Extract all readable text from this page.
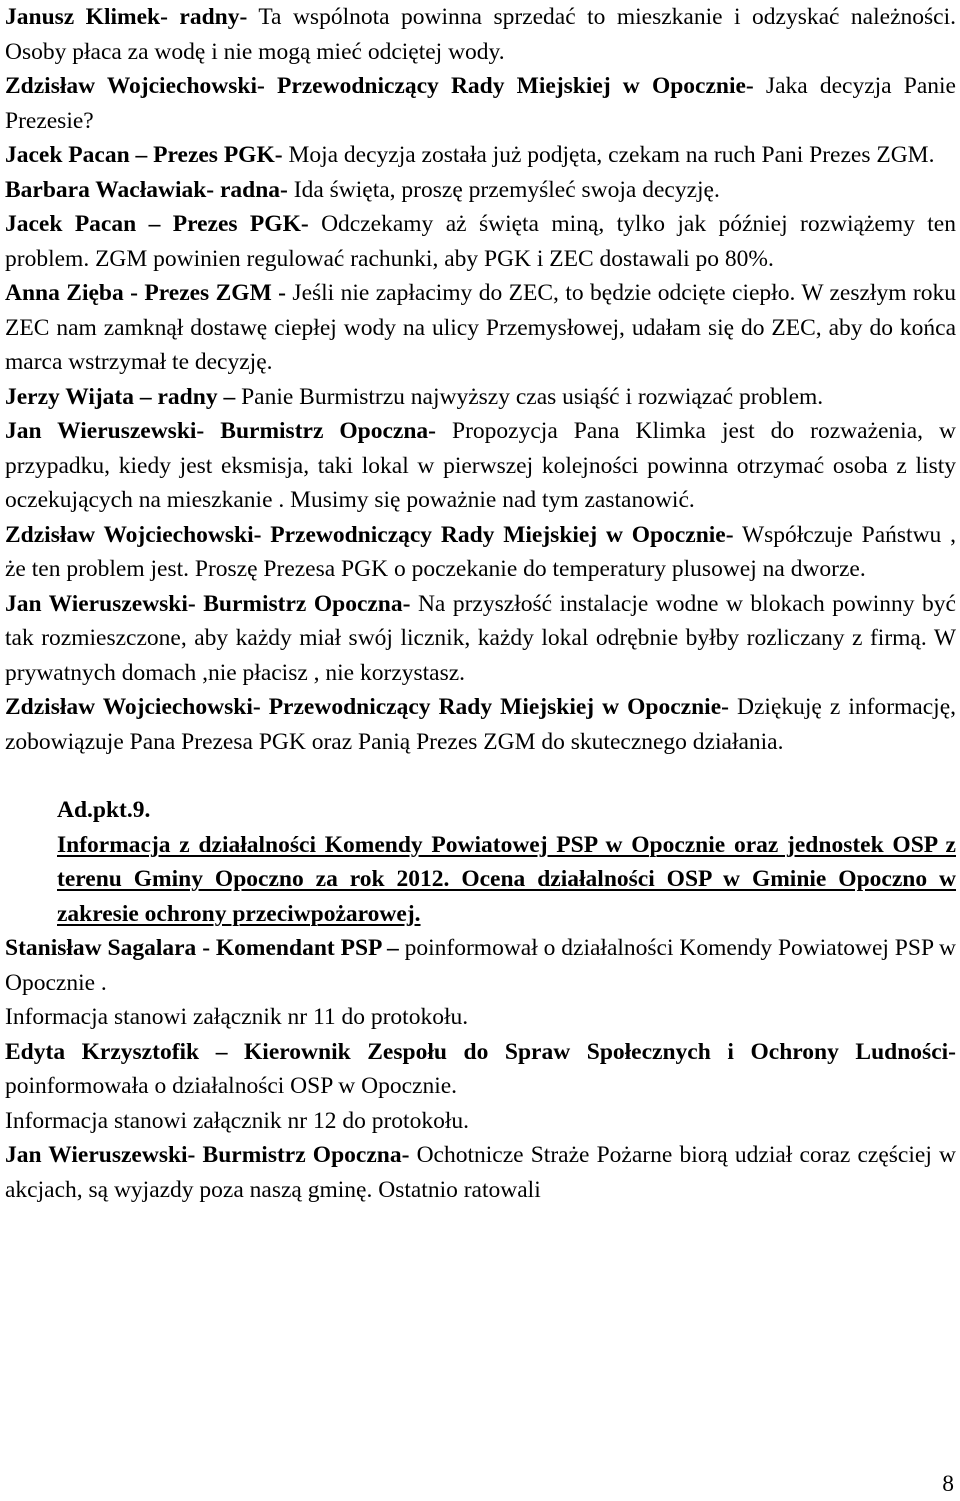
Janusz Klimek- radny- Ta wspólnota powinna sprzedać to mieszkanie i odzyskać należności. Osoby płaca za wodę i nie mogą mieć odciętej wody.

Zdzisław Wojciechowski- Przewodniczący Rady Miejskiej w Opocznie- Jaka decyzja Panie Prezesie?

Jacek Pacan – Prezes PGK- Moja decyzja została już podjęta, czekam na ruch Pani Prezes ZGM.

Barbara Wacławiak- radna- Ida święta, proszę przemyśleć swoja decyzję.

Jacek Pacan – Prezes PGK- Odczekamy aż święta miną, tylko jak później rozwiążemy ten problem. ZGM powinien regulować rachunki, aby PGK i ZEC dostawali po 80%.

Anna Zięba - Prezes ZGM - Jeśli nie zapłacimy do ZEC, to będzie odcięte ciepło. W zeszłym roku ZEC nam zamknął dostawę ciepłej wody na ulicy Przemysłowej, udałam się do ZEC, aby do końca marca wstrzymał te decyzję.

Jerzy Wijata – radny – Panie Burmistrzu najwyższy czas usiąść i rozwiązać problem.

Jan Wieruszewski- Burmistrz Opoczna- Propozycja Pana Klimka jest do rozważenia, w przypadku, kiedy jest eksmisja, taki lokal w pierwszej kolejności powinna otrzymać osoba z listy oczekujących na mieszkanie . Musimy się poważnie nad tym zastanowić.

Zdzisław Wojciechowski- Przewodniczący Rady Miejskiej w Opocznie- Współczuje Państwu , że ten problem jest. Proszę Prezesa PGK o poczekanie do temperatury plusowej na dworze.

Jan Wieruszewski- Burmistrz Opoczna- Na przyszłość instalacje wodne w blokach powinny być tak rozmieszczone, aby każdy miał swój licznik, każdy lokal odrębnie byłby rozliczany z firmą. W prywatnych domach ,nie płacisz , nie korzystasz.

Zdzisław Wojciechowski- Przewodniczący Rady Miejskiej w Opocznie- Dziękuję z informację, zobowiązuje Pana Prezesa PGK oraz Panią Prezes ZGM do skutecznego działania.

Ad.pkt.9.

Informacja z działalności Komendy Powiatowej PSP w Opocznie oraz jednostek OSP z terenu Gminy Opoczno za rok 2012. Ocena działalności OSP w Gminie Opoczno w zakresie ochrony przeciwpożarowej.

Stanisław Sagalara - Komendant PSP – poinformował o działalności Komendy Powiatowej PSP w Opocznie .

Informacja stanowi załącznik nr 11 do protokołu.

Edyta Krzysztofik – Kierownik Zespołu do Spraw Społecznych i Ochrony Ludności- poinformowała o działalności OSP w Opocznie.

Informacja stanowi załącznik nr 12 do protokołu.

Jan Wieruszewski- Burmistrz Opoczna- Ochotnicze Straże Pożarne biorą udział coraz częściej w akcjach, są wyjazdy poza naszą gminę. Ostatnio ratowali

8
